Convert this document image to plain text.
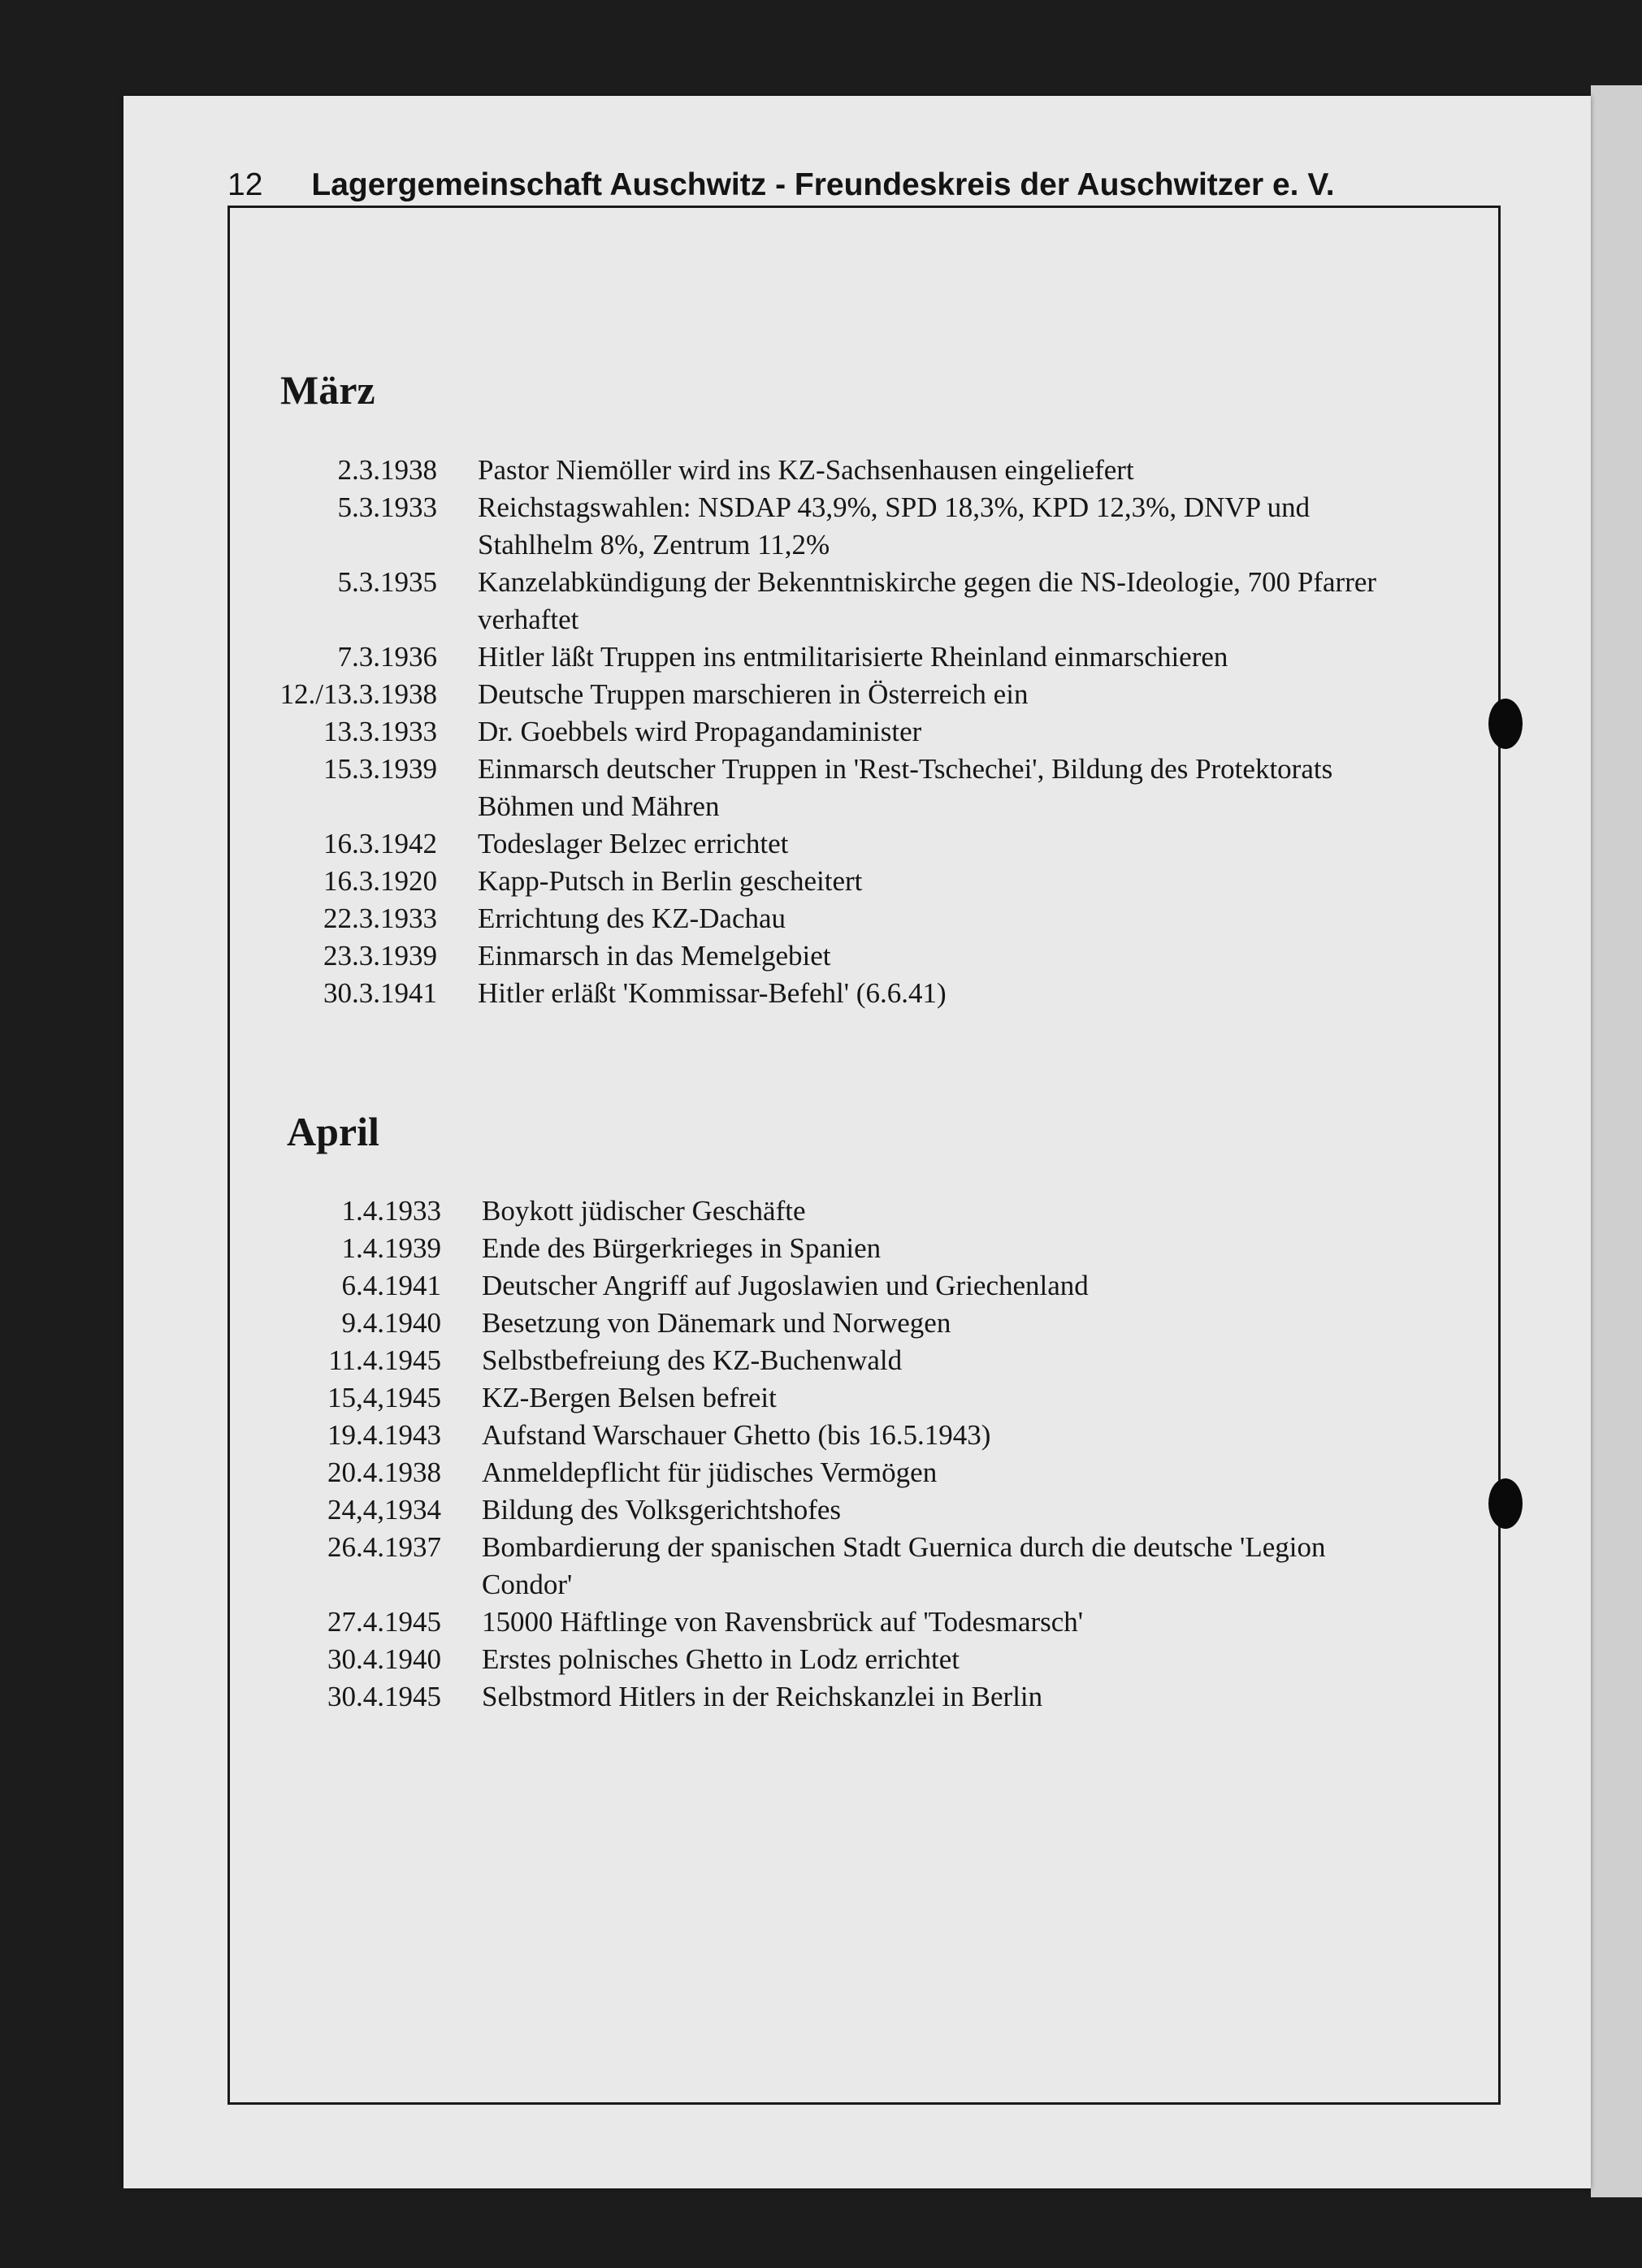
12 Lagergemeinschaft Auschwitz - Freundeskreis der Auschwitzer e. V.
März
2.3.1938	Pastor Niemöller wird ins KZ-Sachsenhausen eingeliefert
5.3.1933	Reichstagswahlen: NSDAP 43,9%, SPD 18,3%, KPD 12,3%, DNVP und Stahlhelm 8%, Zentrum 11,2%
5.3.1935	Kanzelabkündigung der Bekenntniskirche gegen die NS-Ideologie, 700 Pfarrer verhaftet
7.3.1936	Hitler läßt Truppen ins entmilitarisierte Rheinland einmarschieren
12./13.3.1938	Deutsche Truppen marschieren in Österreich ein
13.3.1933	Dr. Goebbels wird Propagandaminister
15.3.1939	Einmarsch deutscher Truppen in 'Rest-Tschechei', Bildung des Protektorats Böhmen und Mähren
16.3.1942	Todeslager Belzec errichtet
16.3.1920	Kapp-Putsch in Berlin gescheitert
22.3.1933	Errichtung des KZ-Dachau
23.3.1939	Einmarsch in das Memelgebiet
30.3.1941	Hitler erläßt 'Kommissar-Befehl' (6.6.41)
April
1.4.1933	Boykott jüdischer Geschäfte
1.4.1939	Ende des Bürgerkrieges in Spanien
6.4.1941	Deutscher Angriff auf Jugoslawien und Griechenland
9.4.1940	Besetzung von Dänemark und Norwegen
11.4.1945	Selbstbefreiung des KZ-Buchenwald
15,4,1945	KZ-Bergen Belsen befreit
19.4.1943	Aufstand Warschauer Ghetto (bis 16.5.1943)
20.4.1938	Anmeldepflicht für jüdisches Vermögen
24,4,1934	Bildung des Volksgerichtshofes
26.4.1937	Bombardierung der spanischen Stadt Guernica durch die deutsche 'Legion Condor'
27.4.1945	15000 Häftlinge von Ravensbrück auf 'Todesmarsch'
30.4.1940	Erstes polnisches Ghetto in Lodz errichtet
30.4.1945	Selbstmord Hitlers in der Reichskanzlei in Berlin
